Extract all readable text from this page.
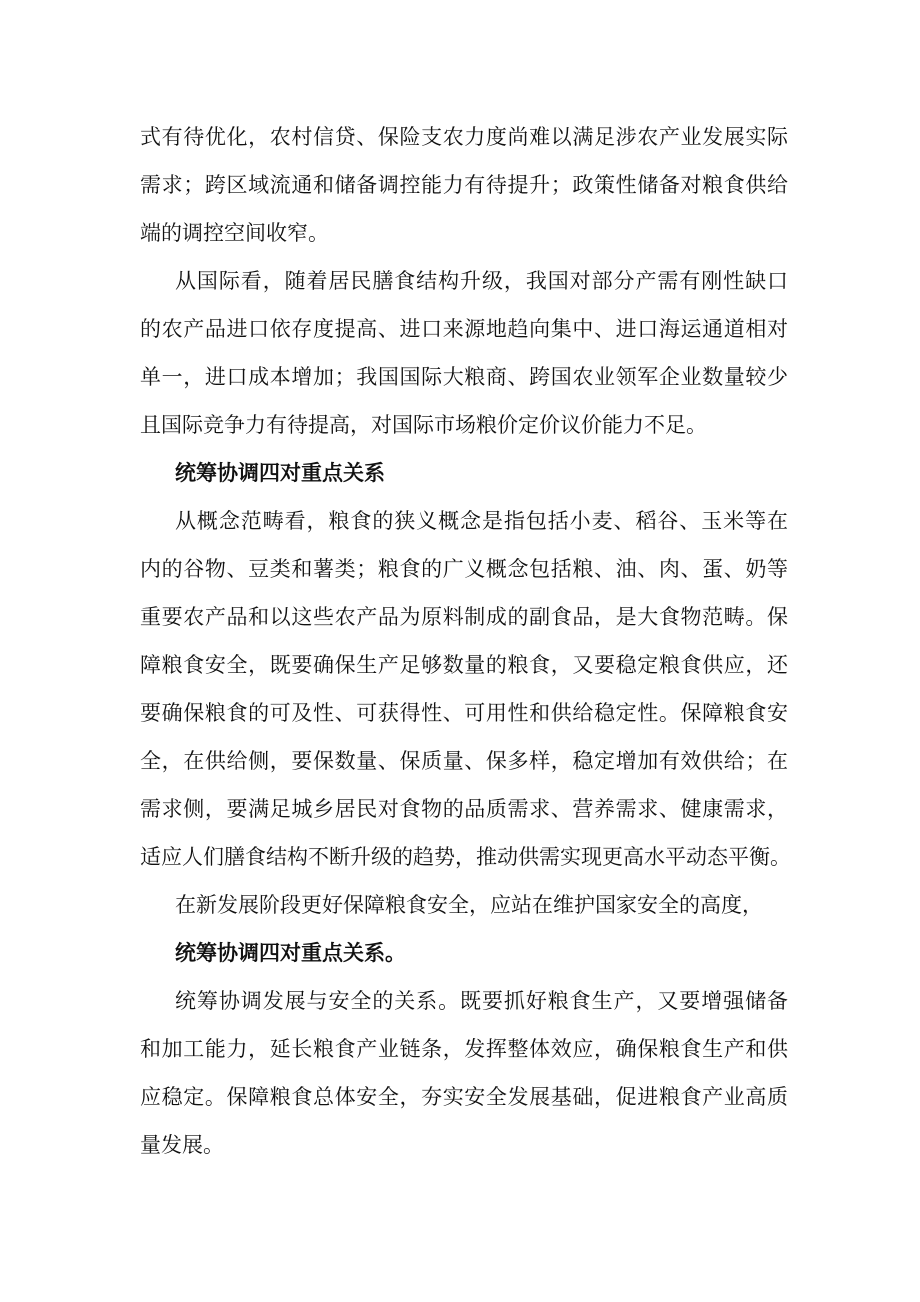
式有待优化，农村信贷、保险支农力度尚难以满足涉农产业发展实际
需求；跨区域流通和储备调控能力有待提升；政策性储备对粮食供给
端的调控空间收窄。
从国际看，随着居民膳食结构升级，我国对部分产需有刚性缺口
的农产品进口依存度提高、进口来源地趋向集中、进口海运通道相对
单一，进口成本增加；我国国际大粮商、跨国农业领军企业数量较少
且国际竞争力有待提高，对国际市场粮价定价议价能力不足。
统筹协调四对重点关系
从概念范畴看，粮食的狭义概念是指包括小麦、稻谷、玉米等在
内的谷物、豆类和薯类；粮食的广义概念包括粮、油、肉、蛋、奶等
重要农产品和以这些农产品为原料制成的副食品，是大食物范畴。保
障粮食安全，既要确保生产足够数量的粮食，又要稳定粮食供应，还
要确保粮食的可及性、可获得性、可用性和供给稳定性。保障粮食安
全，在供给侧，要保数量、保质量、保多样，稳定增加有效供给；在
需求侧，要满足城乡居民对食物的品质需求、营养需求、健康需求，
适应人们膳食结构不断升级的趋势，推动供需实现更高水平动态平衡。
在新发展阶段更好保障粮食安全，应站在维护国家安全的高度，
统筹协调四对重点关系。
统筹协调发展与安全的关系。既要抓好粮食生产，又要增强储备
和加工能力，延长粮食产业链条，发挥整体效应，确保粮食生产和供
应稳定。保障粮食总体安全，夯实安全发展基础，促进粮食产业高质
量发展。
